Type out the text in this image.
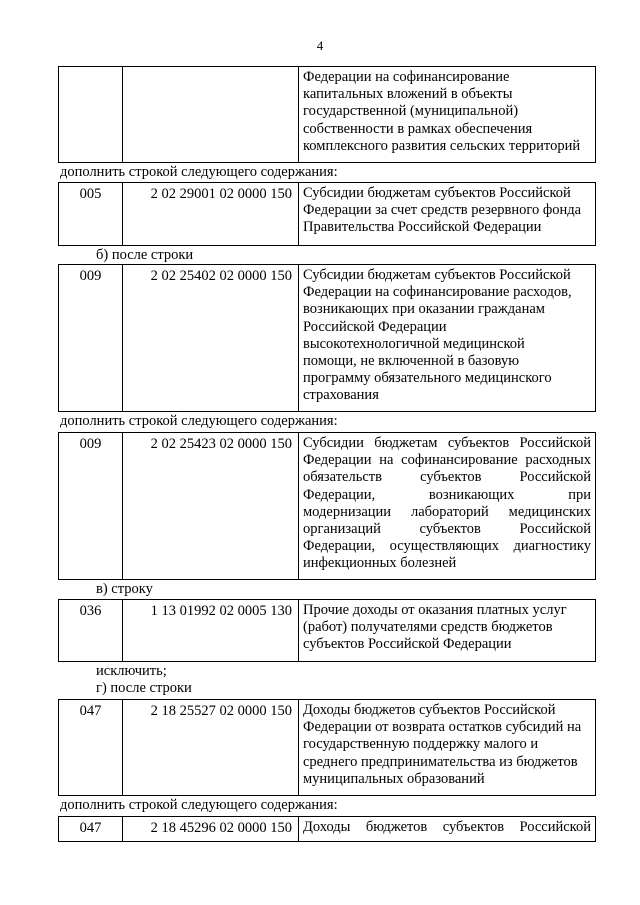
4
Федерации на софинансирование
капитальных вложений в объекты
государственной (муниципальной)
собственности в рамках обеспечения
комплексного развития сельских территорий
дополнить строкой следующего содержания:
005	2 02 29001 02 0000 150 Субсидии бюджетам субъектов Российской
Федерации за счет средств резервного фонда
Правительства Российской Федерации
б) после строки
009	2 02 25402 02 0000 150 Субсидии бюджетам субъектов Российской
Федерации на софинансирование расходов,
возникающих при оказании гражданам
Российской Федерации
высокотехнологичной медицинской
помощи, не включенной в базовую
программу обязательного медицинского
страхования
дополнить строкой следующего содержания:
009	2 02 25423 02 0000 150 Субсидии бюджетам субъектов Российской
Федерации на софинансирование расходных
обязательств субъектов Российской
Федерации, возникающих при
модернизации лабораторий медицинских
организаций субъектов Российской
Федерации, осуществляющих диагностику
инфекционных болезней
в) строку
036	1 13 01992 02 0005 130 Прочие доходы от оказания платных услуг
(работ) получателями средств бюджетов
субъектов Российской Федерации
исключить;
г) после строки
047	2 18 25527 02 0000 150 Доходы бюджетов субъектов Российской
Федерации от возврата остатков субсидий на
государственную поддержку малого и
среднего предпринимательства из бюджетов
муниципальных образований
дополнить строкой следующего содержания:
047	2 18 45296 02 0000 150 Доходы бюджетов субъектов Российской
